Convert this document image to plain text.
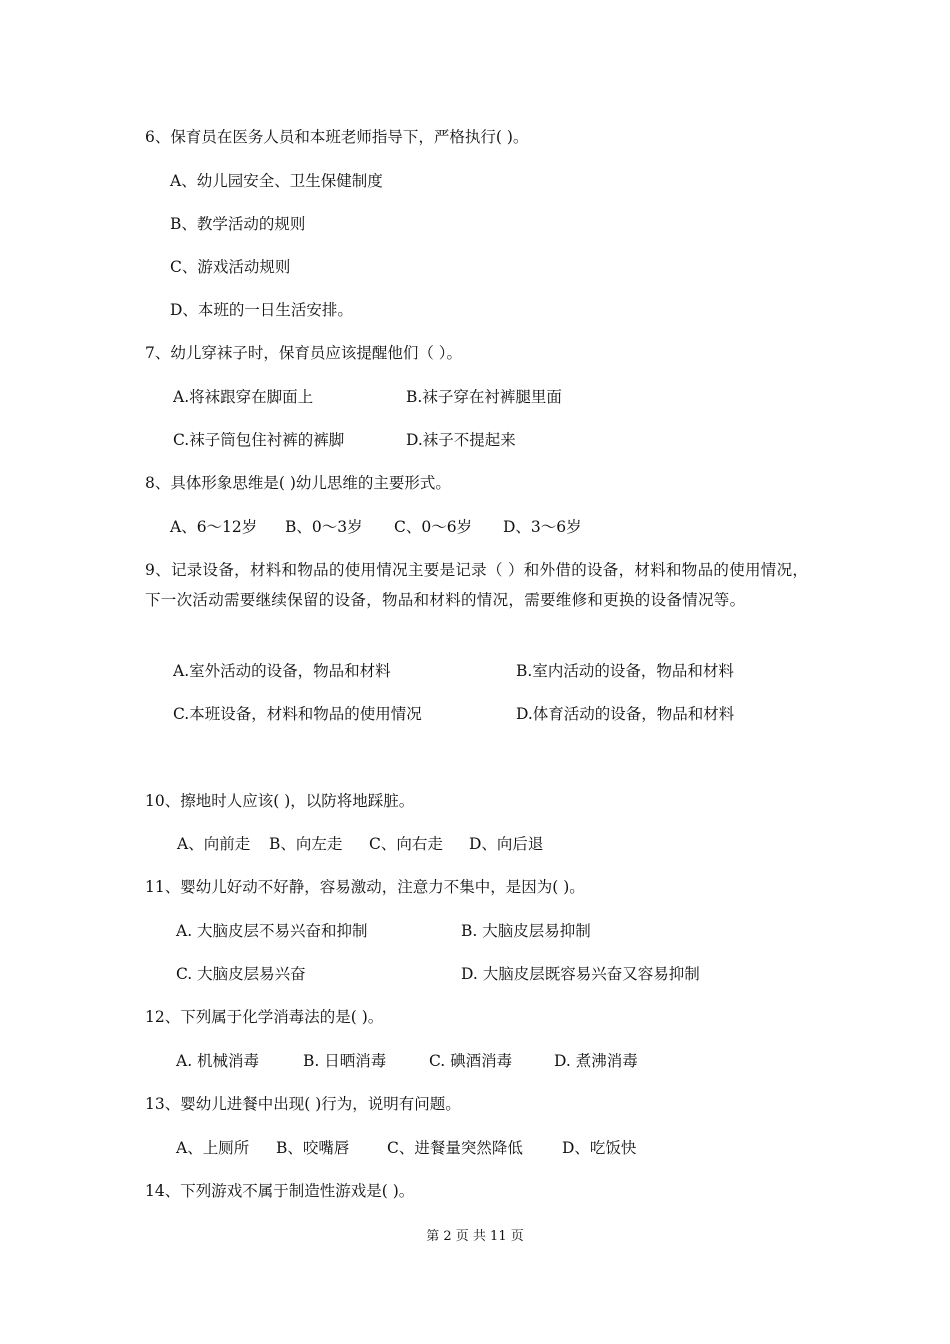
6、保育员在医务人员和本班老师指导下，严格执行( )。
A、幼儿园安全、卫生保健制度
B、教学活动的规则
C、游戏活动规则
D、本班的一日生活安排。
7、幼儿穿袜子时，保育员应该提醒他们（ ）。
A.将袜跟穿在脚面上	B.袜子穿在衬裤腿里面
C.袜子筒包住衬裤的裤脚	D.袜子不提起来
8、具体形象思维是( )幼儿思维的主要形式。
A、6～12岁 B、0～3岁 C、0～6岁 D、3～6岁
9、记录设备，材料和物品的使用情况主要是记录（ ）和外借的设备，材料和物品的使用情况，下一次活动需要继续保留的设备，物品和材料的情况，需要维修和更换的设备情况等。
A.室外活动的设备，物品和材料	B.室内活动的设备，物品和材料
C.本班设备，材料和物品的使用情况	D.体育活动的设备，物品和材料
10、擦地时人应该( )，以防将地踩脏。
A、向前走 B、向左走 C、向右走 D、向后退
11、婴幼儿好动不好静，容易激动，注意力不集中，是因为( )。
A. 大脑皮层不易兴奋和抑制	B. 大脑皮层易抑制
C. 大脑皮层易兴奋	D. 大脑皮层既容易兴奋又容易抑制
12、下列属于化学消毒法的是( )。
A. 机械消毒	B. 日晒消毒	C. 碘酒消毒	D. 煮沸消毒
13、婴幼儿进餐中出现( )行为，说明有问题。
A、上厕所 B、咬嘴唇 C、进餐量突然降低	D、吃饭快
14、下列游戏不属于制造性游戏是( )。
第 2 页 共 11 页
